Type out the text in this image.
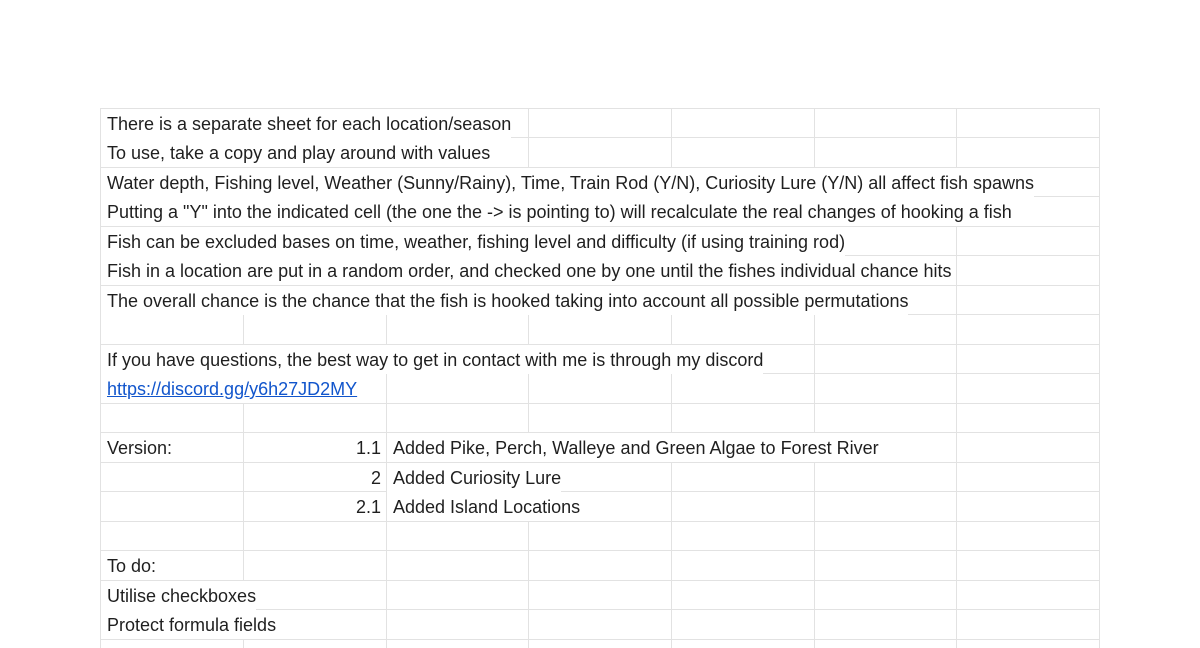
There is a separate sheet for each location/season
To use, take a copy and play around with values
Water depth, Fishing level, Weather (Sunny/Rainy), Time, Train Rod (Y/N), Curiosity Lure (Y/N) all affect fish spawns
Putting a "Y" into the indicated cell (the one the -> is pointing to) will recalculate the real changes of hooking a fish
Fish can be excluded bases on time, weather, fishing level and difficulty (if using training rod)
Fish in a location are put in a random order, and checked one by one until the fishes individual chance hits
The overall chance is the chance that the fish is hooked taking into account all possible permutations
If you have questions, the best way to get in contact with me is through my discord
https://discord.gg/y6h27JD2MY
Version:	1.1 Added Pike, Perch, Walleye and Green Algae to Forest River
2 Added Curiosity Lure
2.1 Added Island Locations
To do:
Utilise checkboxes
Protect formula fields
